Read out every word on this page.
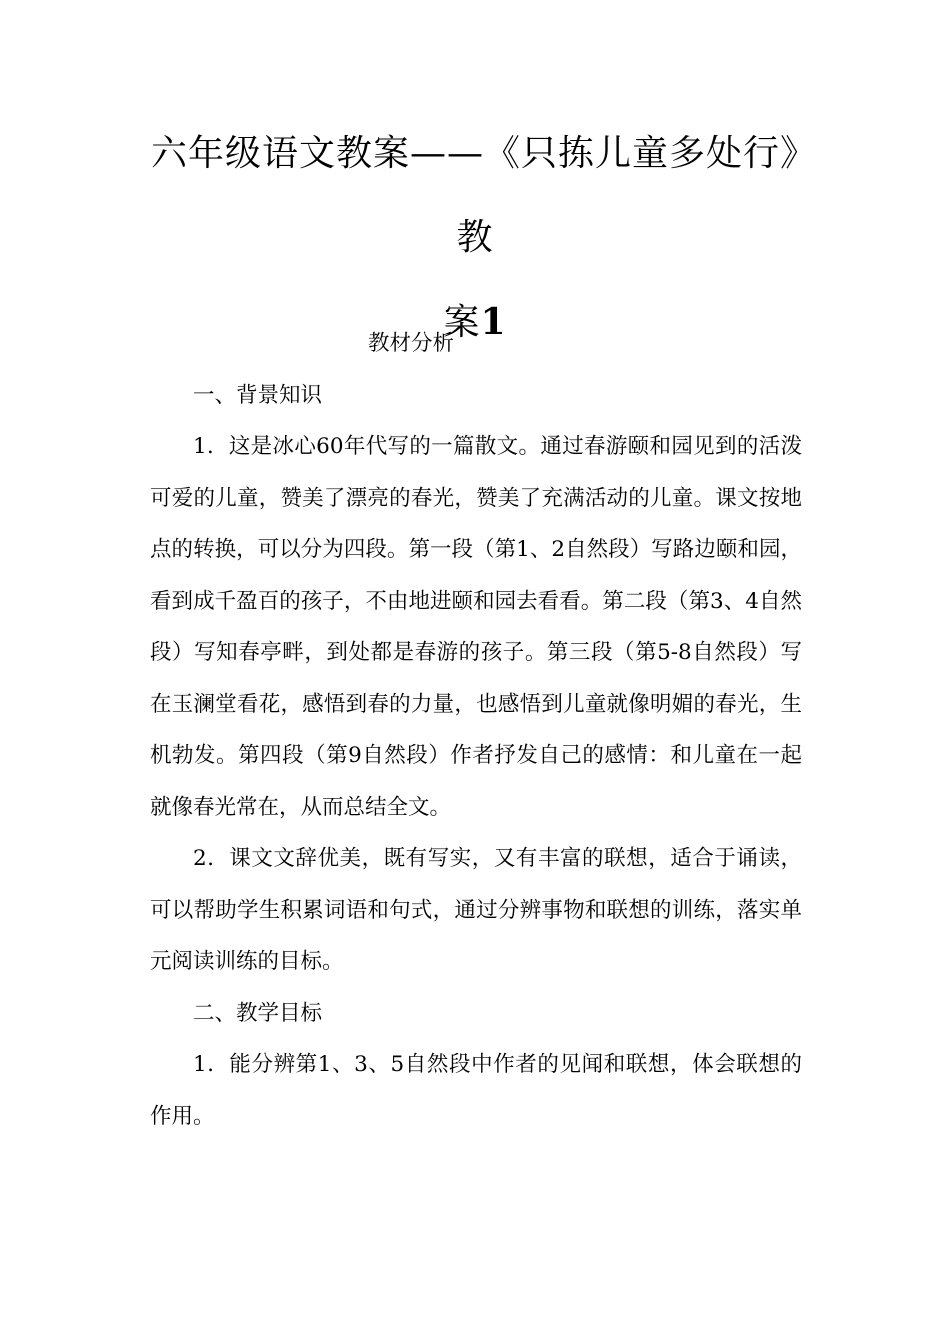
六年级语文教案——《只拣儿童多处行》教
案1

教材分析

一、背景知识

1．这是冰心60年代写的一篇散文。通过春游颐和园见到的活泼可爱的儿童，赞美了漂亮的春光，赞美了充满活动的儿童。课文按地点的转换，可以分为四段。第一段（第1、2自然段）写路边颐和园，看到成千盈百的孩子，不由地进颐和园去看看。第二段（第3、4自然段）写知春亭畔，到处都是春游的孩子。第三段（第5-8自然段）写在玉澜堂看花，感悟到春的力量，也感悟到儿童就像明媚的春光，生机勃发。第四段（第9自然段）作者抒发自己的感情：和儿童在一起就像春光常在，从而总结全文。

2．课文文辞优美，既有写实，又有丰富的联想，适合于诵读，可以帮助学生积累词语和句式，通过分辨事物和联想的训练，落实单元阅读训练的目标。

二、教学目标

1．能分辨第1、3、5自然段中作者的见闻和联想，体会联想的作用。
